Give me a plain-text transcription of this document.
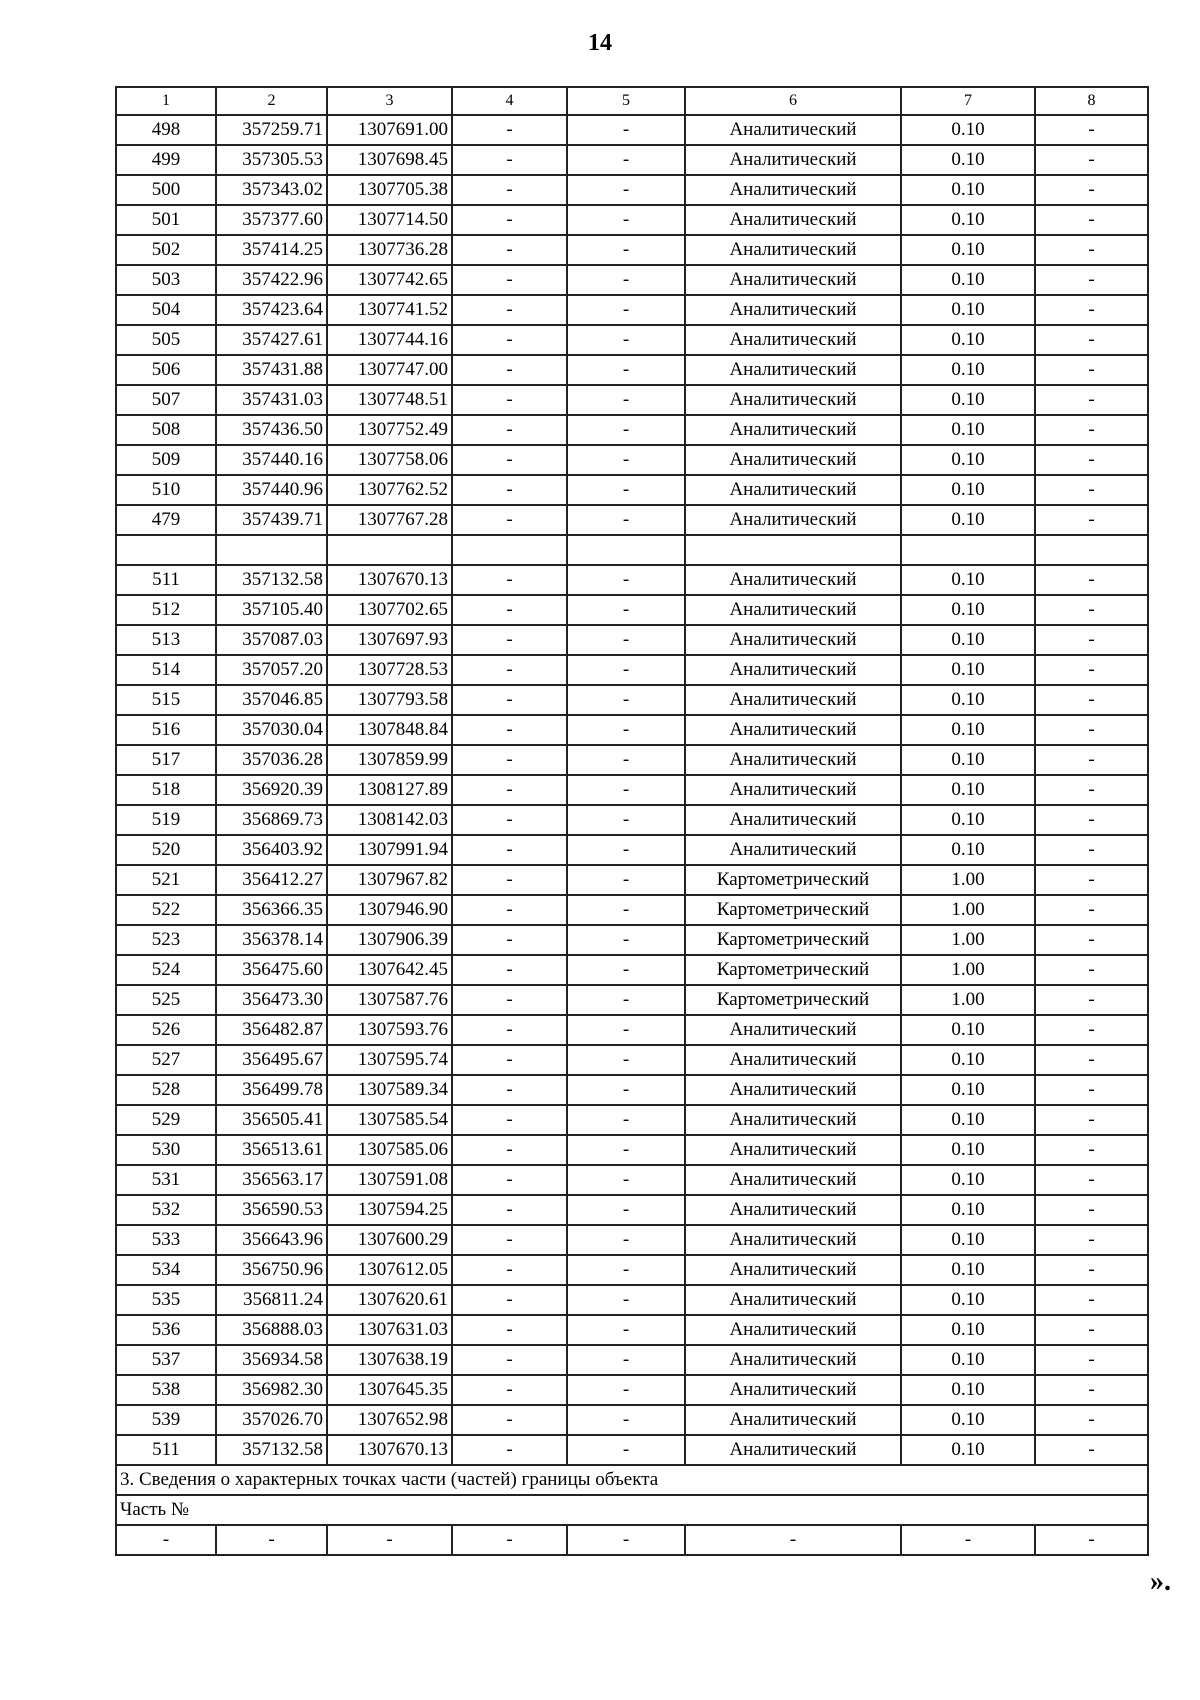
14
1	2	3	4	5	6	7	8
498	357259.71	1307691.00	-	-	Аналитический	0.10	-
499	357305.53	1307698.45	-	-	Аналитический	0.10	-
500	357343.02	1307705.38	-	-	Аналитический	0.10	-
501	357377.60	1307714.50	-	-	Аналитический	0.10	-
502	357414.25	1307736.28	-	-	Аналитический	0.10	-
503	357422.96	1307742.65	-	-	Аналитический	0.10	-
504	357423.64	1307741.52	-	-	Аналитический	0.10	-
505	357427.61	1307744.16	-	-	Аналитический	0.10	-
506	357431.88	1307747.00	-	-	Аналитический	0.10	-
507	357431.03	1307748.51	-	-	Аналитический	0.10	-
508	357436.50	1307752.49	-	-	Аналитический	0.10	-
509	357440.16	1307758.06	-	-	Аналитический	0.10	-
510	357440.96	1307762.52	-	-	Аналитический	0.10	-
479	357439.71	1307767.28	-	-	Аналитический	0.10	-

511	357132.58	1307670.13	-	-	Аналитический	0.10	-
512	357105.40	1307702.65	-	-	Аналитический	0.10	-
513	357087.03	1307697.93	-	-	Аналитический	0.10	-
514	357057.20	1307728.53	-	-	Аналитический	0.10	-
515	357046.85	1307793.58	-	-	Аналитический	0.10	-
516	357030.04	1307848.84	-	-	Аналитический	0.10	-
517	357036.28	1307859.99	-	-	Аналитический	0.10	-
518	356920.39	1308127.89	-	-	Аналитический	0.10	-
519	356869.73	1308142.03	-	-	Аналитический	0.10	-
520	356403.92	1307991.94	-	-	Аналитический	0.10	-
521	356412.27	1307967.82	-	-	Картометрический	1.00	-
522	356366.35	1307946.90	-	-	Картометрический	1.00	-
523	356378.14	1307906.39	-	-	Картометрический	1.00	-
524	356475.60	1307642.45	-	-	Картометрический	1.00	-
525	356473.30	1307587.76	-	-	Картометрический	1.00	-
526	356482.87	1307593.76	-	-	Аналитический	0.10	-
527	356495.67	1307595.74	-	-	Аналитический	0.10	-
528	356499.78	1307589.34	-	-	Аналитический	0.10	-
529	356505.41	1307585.54	-	-	Аналитический	0.10	-
530	356513.61	1307585.06	-	-	Аналитический	0.10	-
531	356563.17	1307591.08	-	-	Аналитический	0.10	-
532	356590.53	1307594.25	-	-	Аналитический	0.10	-
533	356643.96	1307600.29	-	-	Аналитический	0.10	-
534	356750.96	1307612.05	-	-	Аналитический	0.10	-
535	356811.24	1307620.61	-	-	Аналитический	0.10	-
536	356888.03	1307631.03	-	-	Аналитический	0.10	-
537	356934.58	1307638.19	-	-	Аналитический	0.10	-
538	356982.30	1307645.35	-	-	Аналитический	0.10	-
539	357026.70	1307652.98	-	-	Аналитический	0.10	-
511	357132.58	1307670.13	-	-	Аналитический	0.10	-
3. Сведения о характерных точках части (частей) границы объекта							
Часть №							
-	-	-	-	-	-	-	-
».
